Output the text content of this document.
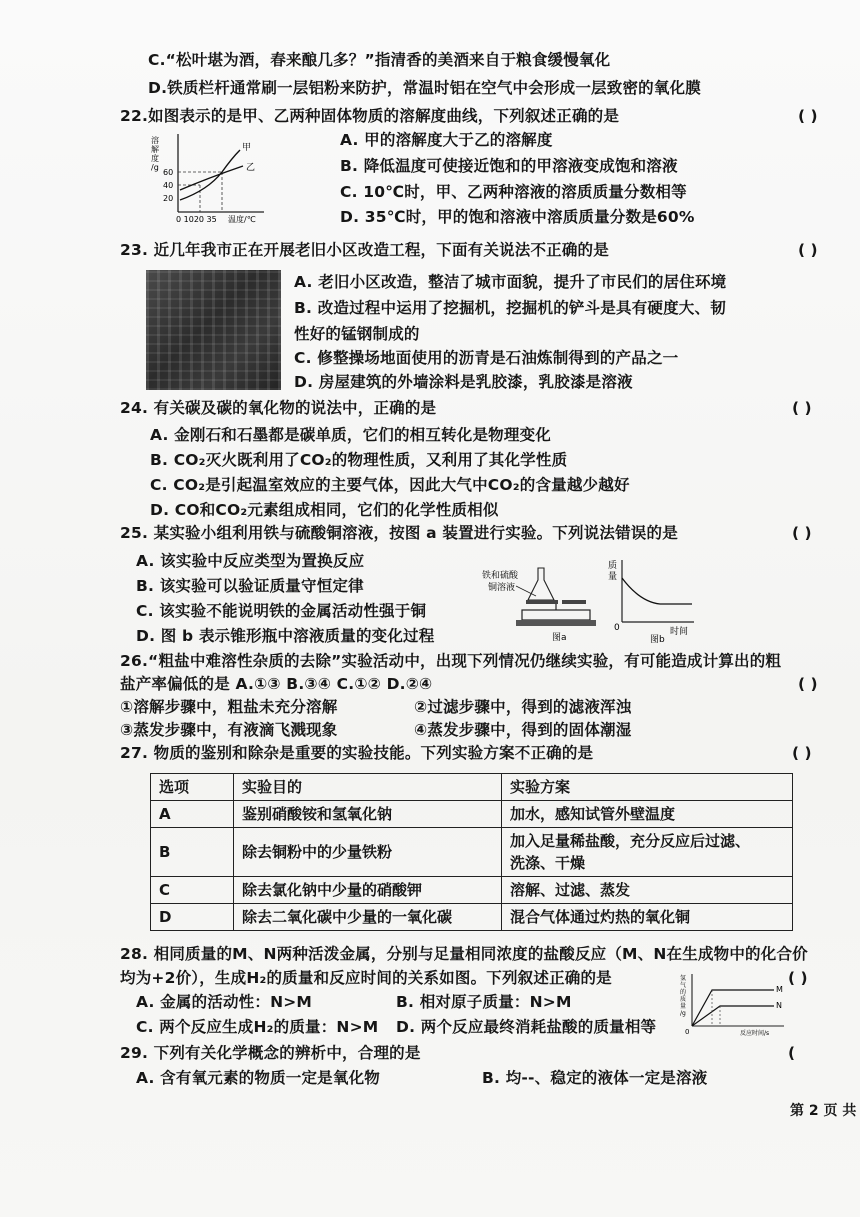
C.“松叶堪为酒，春来酿几多？”指清香的美酒来自于粮食缓慢氧化
D.铁质栏杆通常刷一层铝粉来防护，常温时铝在空气中会形成一层致密的氧化膜
22.如图表示的是甲、乙两种固体物质的溶解度曲线，下列叙述正确的是	( )
溶
解
度
/g
60
40
20
0 1020 35 温度/℃
甲
乙
A. 甲的溶解度大于乙的溶解度
B. 降低温度可使接近饱和的甲溶液变成饱和溶液
C. 10℃时，甲、乙两种溶液的溶质质量分数相等
D. 35℃时，甲的饱和溶液中溶质质量分数是60%
23. 近几年我市正在开展老旧小区改造工程，下面有关说法不正确的是	( )
A. 老旧小区改造，整洁了城市面貌，提升了市民们的居住环境
B. 改造过程中运用了挖掘机，挖掘机的铲斗是具有硬度大、韧
性好的锰钢制成的
C. 修整操场地面使用的沥青是石油炼制得到的产品之一
D. 房屋建筑的外墙涂料是乳胶漆，乳胶漆是溶液
24. 有关碳及碳的氧化物的说法中，正确的是	( )
A. 金刚石和石墨都是碳单质，它们的相互转化是物理变化
B. CO₂灭火既利用了CO₂的物理性质，又利用了其化学性质
C. CO₂是引起温室效应的主要气体，因此大气中CO₂的含量越少越好
D. CO和CO₂元素组成相同，它们的化学性质相似
25. 某实验小组利用铁与硫酸铜溶液，按图 a 装置进行实验。下列说法错误的是	( )
A. 该实验中反应类型为置换反应
B. 该实验可以验证质量守恒定律
C. 该实验不能说明铁的金属活动性强于铜
D. 图 b 表示锥形瓶中溶液质量的变化过程
铁和硫酸
铜溶液
图a
质
量
0	时间
图b
26.“粗盐中难溶性杂质的去除”实验活动中，出现下列情况仍继续实验，有可能造成计算出的粗
盐产率偏低的是 A.①③ B.③④ C.①② D.②④	( )
①溶解步骤中，粗盐未充分溶解	②过滤步骤中，得到的滤液浑浊
③蒸发步骤中，有液滴飞溅现象	④蒸发步骤中，得到的固体潮湿
27. 物质的鉴别和除杂是重要的实验技能。下列实验方案不正确的是	( )
选项	实验目的	实验方案
A	鉴别硝酸铵和氢氧化钠	加水，感知试管外壁温度
B	除去铜粉中的少量铁粉	加入足量稀盐酸，充分反应后过滤、
洗涤、干燥

C	除去氯化钠中少量的硝酸钾	溶解、过滤、蒸发
D	除去二氧化碳中少量的一氧化碳	混合气体通过灼热的氧化铜
28. 相同质量的M、N两种活泼金属，分别与足量相同浓度的盐酸反应（M、N在生成物中的化合价
均为+2价），生成H₂的质量和反应时间的关系如图。下列叙述正确的是	( )
A. 金属的活动性：N>M	B. 相对原子质量：N>M
C. 两个反应生成H₂的质量：N>M D. 两个反应最终消耗盐酸的质量相等
氢
气
的
质
量
/g
M
N
0	反应时间/s
29. 下列有关化学概念的辨析中，合理的是	(
A. 含有氧元素的物质一定是氧化物	B. 均--、稳定的液体一定是溶液
第 2 页 共
